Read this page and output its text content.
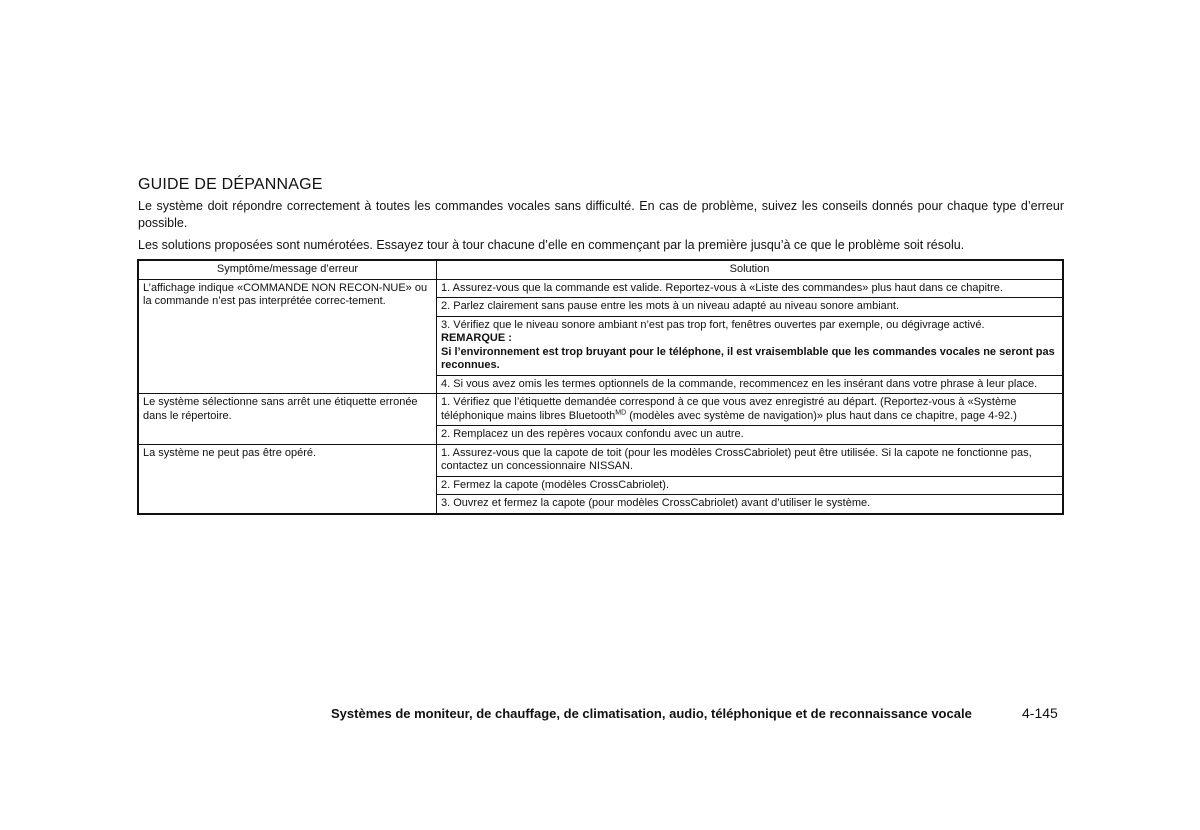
GUIDE DE DÉPANNAGE
Le système doit répondre correctement à toutes les commandes vocales sans difficulté. En cas de problème, suivez les conseils donnés pour chaque type d’erreur possible.
Les solutions proposées sont numérotées. Essayez tour à tour chacune d’elle en commençant par la première jusqu’à ce que le problème soit résolu.
Symptôme/message d’erreur	Solution
L’affichage indique «COMMANDE NON RECON-NUE» ou la commande n’est pas interprétée correc-tement.	1. Assurez-vous que la commande est valide. Reportez-vous à «Liste des commandes» plus haut dans ce chapitre.
	2. Parlez clairement sans pause entre les mots à un niveau adapté au niveau sonore ambiant.
	3. Vérifiez que le niveau sonore ambiant n’est pas trop fort, fenêtres ouvertes par exemple, ou dégivrage activé.
REMARQUE :
Si l’environnement est trop bruyant pour le téléphone, il est vraisemblable que les commandes vocales ne seront pas reconnues.

	4. Si vous avez omis les termes optionnels de la commande, recommencez en les insérant dans votre phrase à leur place.
Le système sélectionne sans arrêt une étiquette erronée dans le répertoire.	1. Vérifiez que l’étiquette demandée correspond à ce que vous avez enregistré au départ. (Reportez-vous à «Système téléphonique mains libres Bluetooth$^{MD}$ (modèles avec système de navigation)» plus haut dans ce chapitre, page 4-92.)
	2. Remplacez un des repères vocaux confondu avec un autre.
La système ne peut pas être opéré.	1. Assurez-vous que la capote de toit (pour les modèles CrossCabriolet) peut être utilisée. Si la capote ne fonctionne pas, contactez un concessionnaire NISSAN.
	2. Fermez la capote (modèles CrossCabriolet).
	3. Ouvrez et fermez la capote (pour modèles CrossCabriolet) avant d’utiliser le système.
Systèmes de moniteur, de chauffage, de climatisation, audio, téléphonique et de reconnaissance vocale	4-145
